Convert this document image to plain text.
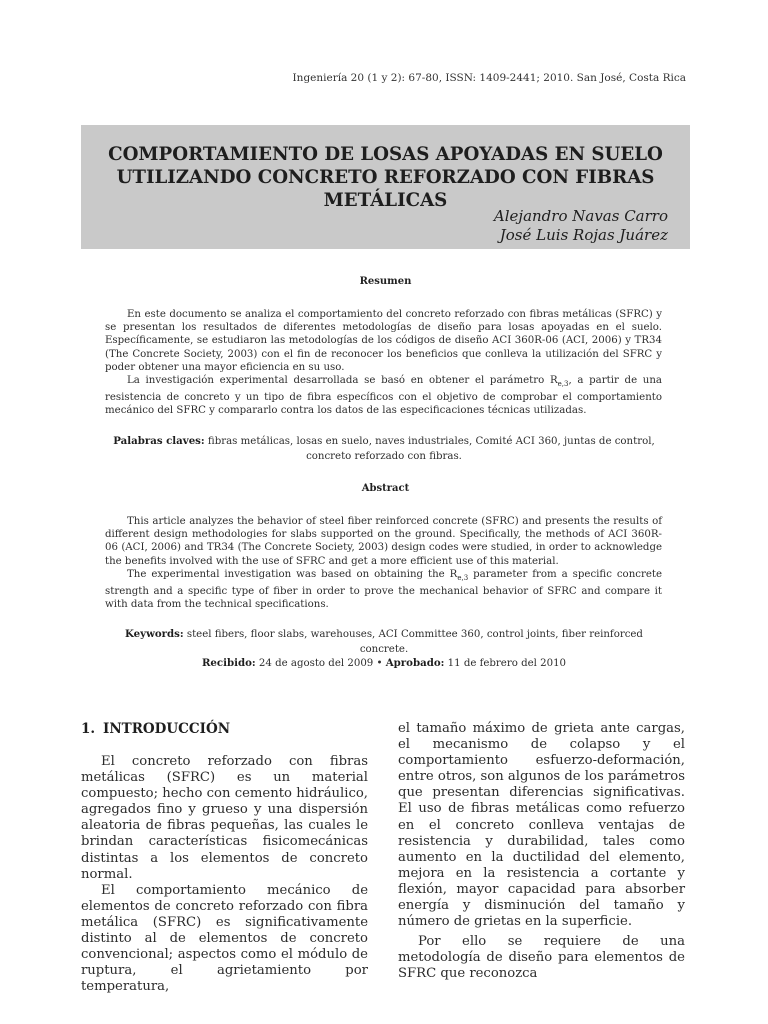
Ingeniería 20 (1 y 2): 67-80, ISSN: 1409-2441; 2010. San José, Costa Rica
COMPORTAMIENTO DE LOSAS APOYADAS EN SUELO UTILIZANDO CONCRETO REFORZADO CON FIBRAS METÁLICAS
Alejandro Navas Carro
José Luis Rojas Juárez
Resumen

En este documento se analiza el comportamiento del concreto reforzado con fibras metálicas (SFRC) y se presentan los resultados de diferentes metodologías de diseño para losas apoyadas en el suelo. Específicamente, se estudiaron las metodologías de los códigos de diseño ACI 360R-06 (ACI, 2006) y TR34 (The Concrete Society, 2003) con el fin de reconocer los beneficios que conlleva la utilización del SFRC y poder obtener una mayor eficiencia en su uso.

La investigación experimental desarrollada se basó en obtener el parámetro $R_{e,3}$, a partir de una resistencia de concreto y un tipo de fibra específicos con el objetivo de comprobar el comportamiento mecánico del SFRC y compararlo contra los datos de las especificaciones técnicas utilizadas.

Palabras claves: fibras metálicas, losas en suelo, naves industriales, Comité ACI 360, juntas de control, concreto reforzado con fibras.
Abstract

This article analyzes the behavior of steel fiber reinforced concrete (SFRC) and presents the results of different design methodologies for slabs supported on the ground. Specifically, the methods of ACI 360R-06 (ACI, 2006) and TR34 (The Concrete Society, 2003) design codes were studied, in order to acknowledge the benefits involved with the use of SFRC and get a more efficient use of this material.

The experimental investigation was based on obtaining the $R_{e,3}$ parameter from a specific concrete strength and a specific type of fiber in order to prove the mechanical behavior of SFRC and compare it with data from the technical specifications.

Keywords: steel fibers, floor slabs, warehouses, ACI Committee 360, control joints, fiber reinforced concrete.
Recibido: 24 de agosto del 2009 • Aprobado: 11 de febrero del 2010
1. INTRODUCCIÓN

El concreto reforzado con fibras metálicas (SFRC) es un material compuesto; hecho con cemento hidráulico, agregados fino y grueso y una dispersión aleatoria de fibras pequeñas, las cuales le brindan características fisicomecánicas distintas a los elementos de concreto normal.

El comportamiento mecánico de elementos de concreto reforzado con fibra metálica (SFRC) es significativamente distinto al de elementos de concreto convencional; aspectos como el módulo de ruptura, el agrietamiento por temperatura,

el tamaño máximo de grieta ante cargas, el mecanismo de colapso y el comportamiento esfuerzo-deformación, entre otros, son algunos de los parámetros que presentan diferencias significativas. El uso de fibras metálicas como refuerzo en el concreto conlleva ventajas de resistencia y durabilidad, tales como aumento en la ductilidad del elemento, mejora en la resistencia a cortante y flexión, mayor capacidad para absorber energía y disminución del tamaño y número de grietas en la superficie.

Por ello se requiere de una metodología de diseño para elementos de SFRC que reconozca
